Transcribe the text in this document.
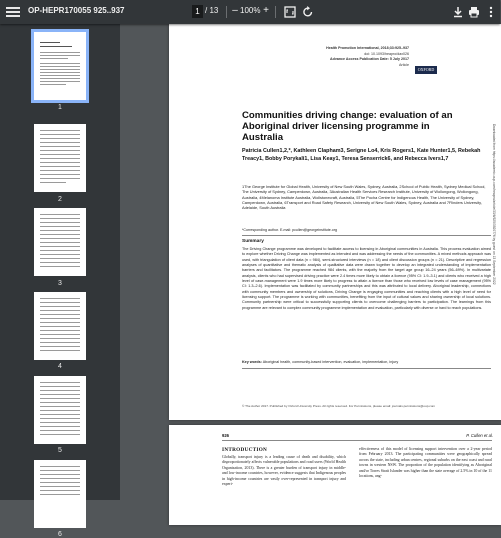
OP-HEPR170055 925..937	1 / 13	– 100% +
1
2
3
4
5
6
Health Promotion International, 2018;33:925–937
doi: 10.1093/heapro/dax026
Advance Access Publication Date: 5 July 2017
Article
OXFORD
Downloaded from https://academic.oup.com/heapro/article/33/6/925/3920776 by guest on 13 September 2022
Communities driving change: evaluation of an Aboriginal driver licensing programme in Australia
Patricia Cullen1,2,*, Kathleen Clapham3, Serigne Lo4, Kris Rogers1, Kate Hunter1,5, Rebekah Treacy1, Bobby Porykali1, Lisa Keay1, Teresa Senserrick6, and Rebecca Ivers1,7
1The George Institute for Global Health, University of New South Wales, Sydney, Australia, 2School of Public Health, Sydney Medical School, The University of Sydney, Camperdown, Australia, 3Australian Health Services Research Institute, University of Wollongong, Wollongong, Australia, 4Melanoma Institute Australia, Wollstonecraft, Australia, 5The Pocha Centre for Indigenous Health, The University of Sydney, Camperdown, Australia, 6Transport and Road Safety Research, University of New South Wales, Sydney, Australia and 7Flinders University, Adelaide, South Australia
*Corresponding author. E-mail: pcullen@georgeinstitute.org
Summary
The Driving Change programme was developed to facilitate access to licensing in Aboriginal communities in Australia. This process evaluation aimed to explore whether Driving Change was implemented as intended and was addressing the needs of the communities. A mixed methods approach was used, with triangulation of client data (n = 984), semi-structured interviews (n = 18) and client discussion groups (n = 21). Descriptive and regression analyses of quantitative and thematic analysis of qualitative data were drawn together to develop an integrated understanding of implementation barriers and facilitators. The programme reached 984 clients, with the majority from the target age group 16–24 years (56–69%). In multivariate analysis, clients who had supervised driving practice were 2.4 times more likely to obtain a licence (95% CI: 1.9–3.1) and clients who received a high level of case-management were 1.9 times more likely to progress to attain a licence than those who received low levels of case management (95% CI: 1.3–2.6). Implementation was facilitated by community partnerships and this was attributed to local delivery. Aboriginal leadership, connections with community members and ownership of solutions, Driving Change is engaging communities and reaching clients with a high level of need for licensing support. The programme is working with communities, benefiting from the input of cultural values and sharing ownership of local solutions. Community partnership were critical to successfully supporting clients to overcome challenging barriers to participation. The learnings from this programme are relevant to complex community programme implementation and evaluation, particularly with diverse or hard to reach populations.
Key words: Aboriginal health, community-based intervention, evaluation, implementation, injury
© The Author 2017. Published by Oxford University Press. All rights reserved. For Permissions, please email: journals.permissions@oup.com
926	P. Cullen et al.
INTRODUCTION
Globally, transport injury is a leading cause of death and disability, which disproportionately affects vulnerable populations and road users (World Health Organisation, 2013). There is a greater burden of transport injury in middle- and low-income countries, however, evidence suggests that Indigenous peoples in high-income countries are vastly over-represented in transport injury and experi-
effectiveness of this model of licensing support intervention over a 2-year period from February 2013. The participating communities were geographically spread across the state, including urban centres, regional suburbs on the east coast and rural towns in western NSW. The proportion of the population identifying as Aboriginal and/or Torres Strait Islander was higher than the state average of 2.5% in 10 of the 11 locations, ang-
